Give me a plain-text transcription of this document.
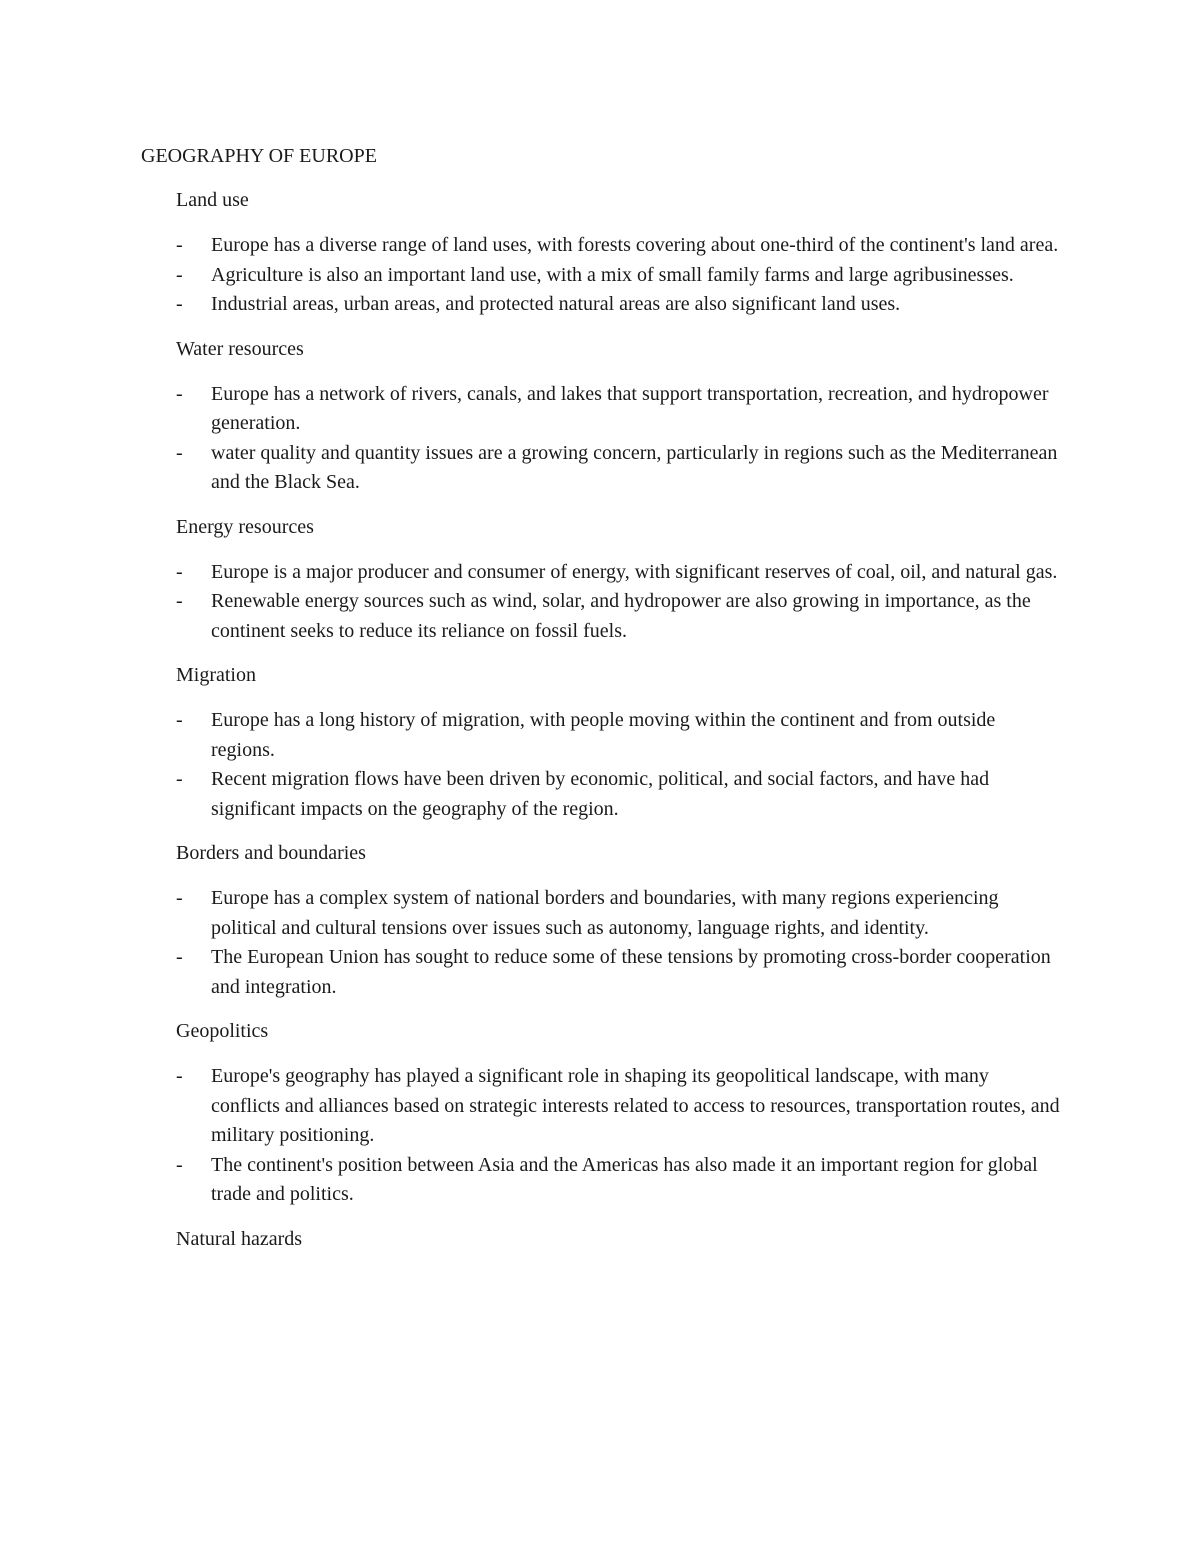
GEOGRAPHY OF EUROPE

Land use

- Europe has a diverse range of land uses, with forests covering about one-third of the continent's land area.
- Agriculture is also an important land use, with a mix of small family farms and large agribusinesses.
- Industrial areas, urban areas, and protected natural areas are also significant land uses.

Water resources

- Europe has a network of rivers, canals, and lakes that support transportation, recreation, and hydropower generation.
- water quality and quantity issues are a growing concern, particularly in regions such as the Mediterranean and the Black Sea.

Energy resources

- Europe is a major producer and consumer of energy, with significant reserves of coal, oil, and natural gas.
- Renewable energy sources such as wind, solar, and hydropower are also growing in importance, as the continent seeks to reduce its reliance on fossil fuels.

Migration

- Europe has a long history of migration, with people moving within the continent and from outside regions.
- Recent migration flows have been driven by economic, political, and social factors, and have had significant impacts on the geography of the region.

Borders and boundaries

- Europe has a complex system of national borders and boundaries, with many regions experiencing political and cultural tensions over issues such as autonomy, language rights, and identity.
- The European Union has sought to reduce some of these tensions by promoting cross-border cooperation and integration.

Geopolitics

- Europe's geography has played a significant role in shaping its geopolitical landscape, with many conflicts and alliances based on strategic interests related to access to resources, transportation routes, and military positioning.
- The continent's position between Asia and the Americas has also made it an important region for global trade and politics.

Natural hazards
